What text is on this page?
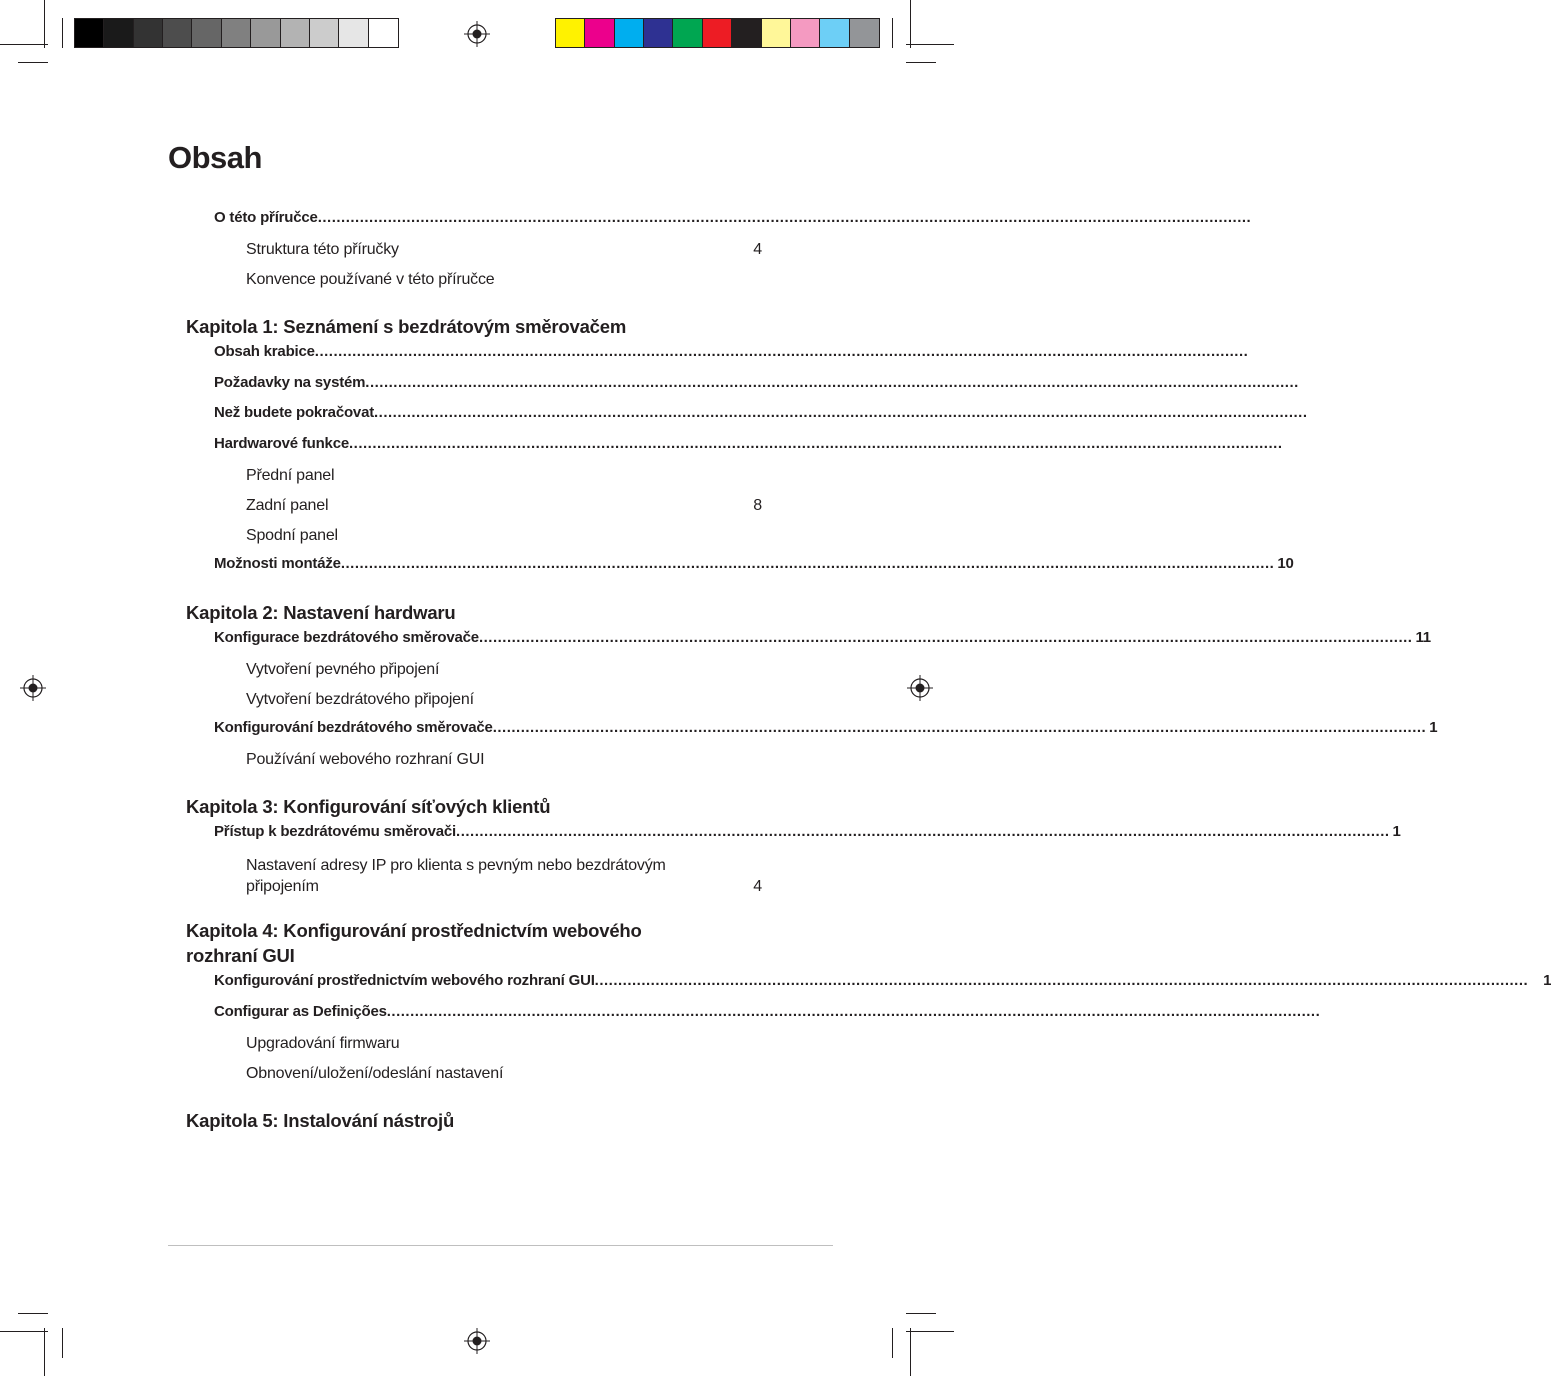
Obsah
O této příručce ........................................................................................................................................................................................................
Struktura této příručky	4
Konvence používané v této příručce
Kapitola 1: Seznámení s bezdrátovým směrovačem
Obsah krabice ........................................................................................................................................................................................................
Požadavky na systém ........................................................................................................................................................................................................
Než budete pokračovat ........................................................................................................................................................................................................
Hardwarové funkce ........................................................................................................................................................................................................
Přední panel
Zadní panel	8
Spodní panel
Možnosti montáže ........................................................................................................................................................................................................ 10
Kapitola 2: Nastavení hardwaru
Konfigurace bezdrátového směrovače ........................................................................................................................................................................................................ 11
Vytvoření pevného připojení
Vytvoření bezdrátového připojení
Konfigurování bezdrátového směrovače ........................................................................................................................................................................................................ 1
Používání webového rozhraní GUI
Kapitola 3: Konfigurování síťových klientů
Přístup k bezdrátovému směrovači ........................................................................................................................................................................................................ 1
Nastavení adresy IP pro klienta s pevným nebo bezdrátovým připojením	4
Kapitola 4: Konfigurování prostřednictvím webového rozhraní GUI
Konfigurování prostřednictvím webového rozhraní GUI ........................................................................................................................................................................................................ 1
Configurar as Definições ........................................................................................................................................................................................................
Upgradování firmwaru
Obnovení/uložení/odeslání nastavení
Kapitola 5: Instalování nástrojů
